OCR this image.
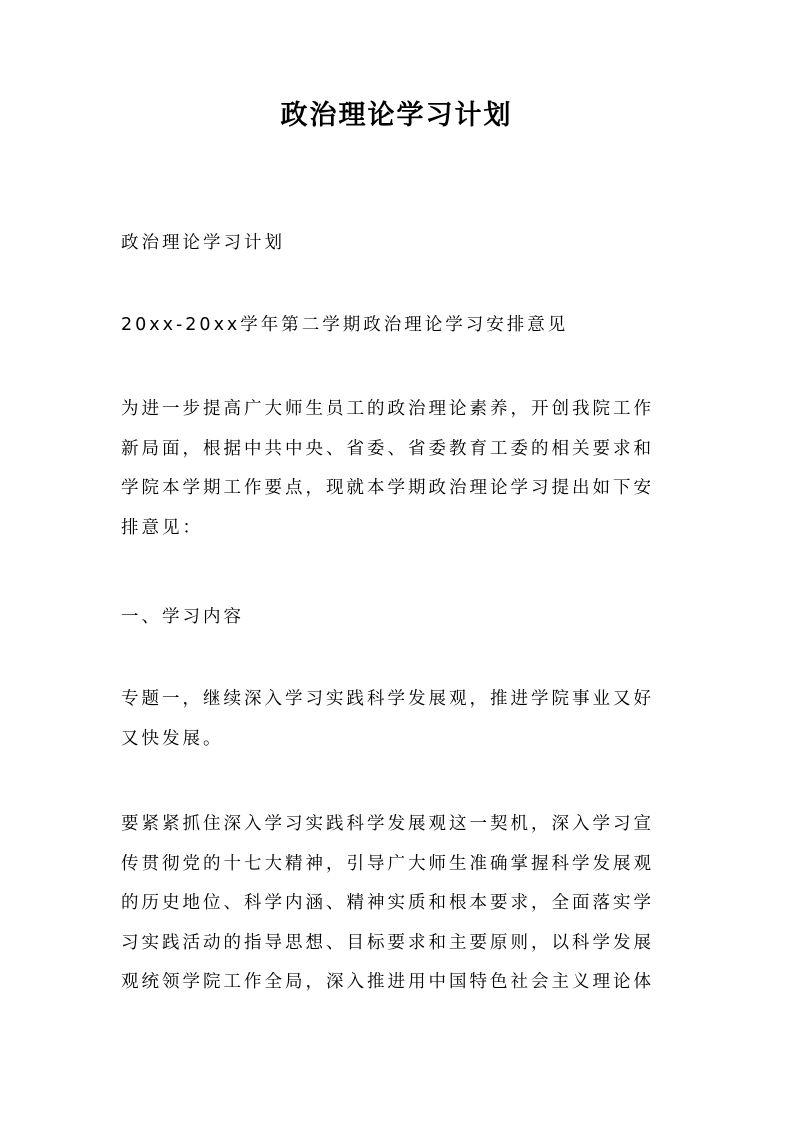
政治理论学习计划

政治理论学习计划

20xx-20xx学年第二学期政治理论学习安排意见

为进一步提高广大师生员工的政治理论素养，开创我院工作
新局面，根据中共中央、省委、省委教育工委的相关要求和
学院本学期工作要点，现就本学期政治理论学习提出如下安
排意见：

一、学习内容

专题一，继续深入学习实践科学发展观，推进学院事业又好
又快发展。

要紧紧抓住深入学习实践科学发展观这一契机，深入学习宣
传贯彻党的十七大精神，引导广大师生准确掌握科学发展观
的历史地位、科学内涵、精神实质和根本要求，全面落实学
习实践活动的指导思想、目标要求和主要原则，以科学发展
观统领学院工作全局，深入推进用中国特色社会主义理论体
